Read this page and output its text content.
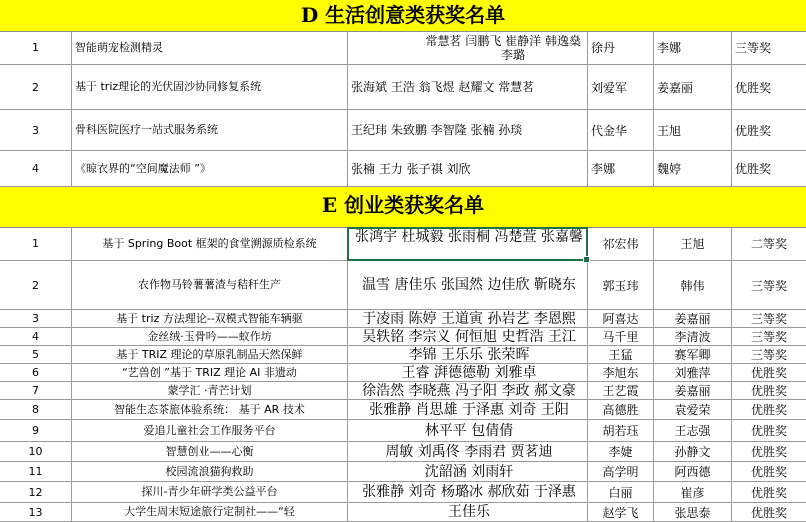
D 生活创意类获奖名单
1	智能萌宠检测精灵	常慧茗 闫鹏飞 崔静洋 韩逸燊
李璐	徐丹	李娜	三等奖
2	基于 triz理论的光伏固沙协同修复系统	张海斌 王浩 翁飞煜 赵耀文 常慧茗	刘爱军	姜嘉丽	优胜奖
3	骨科医院医疗一站式服务系统	王纪玮 朱致鹏 李智隆 张楠 孙琰	代金华	王旭	优胜奖
4	《晾衣界的“空间魔法师 ”》	张楠 王力 张子祺 刘欣	李娜	魏婷	优胜奖
E 创业类获奖名单
1	基于 Spring Boot 框架的食堂溯源质检系统	张鸿宇 杜城毅 张雨桐 冯楚萱 张嘉馨	祁宏伟	王旭	二等奖
2	农作物马铃薯薯渣与秸秆生产	温雪 唐佳乐 张国然 边佳欣 靳晓东	郭玉玮	韩伟	三等奖
3	基于 triz 方法理论--双模式智能车辆驱	于凌雨 陈婷 王道寅 孙岩艺 李恩熙	阿喜达	姜嘉丽	三等奖
4	金丝绒·玉骨吟——蚁作坊	吴轶铭 李宗义 何恒旭 史哲浩 王江	马千里	李清波	三等奖
5	基于 TRIZ 理论的草原乳制品天然保鲜	李锦 王乐乐 张荣晖	王猛	赛军卿	三等奖
6	“艺兽创 ”基于 TRIZ 理论 AI 非遗动	王睿 湃德德勒 刘雅卓	李旭东	刘雅萍	优胜奖
7	蒙学汇 ·青芒计划	徐浩然 李晓燕 冯子阳 李政 郝文豪	王艺霞	姜嘉丽	优胜奖
8	智能生态茶旅体验系统： 基于 AR 技术	张雅静 肖思雄 于泽惠 刘奇 王阳	高德胜	袁爱荣	优胜奖
9	爱追儿童社会工作服务平台	林平平 包倩倩	胡若珏	王志强	优胜奖
10	智慧创业——心衡	周敏 刘禹佟 李雨君 贾茗迪	李婕	孙静文	优胜奖
11	校园流浪猫狗救助	沈韶涵 刘雨轩	高学明	阿西德	优胜奖
12	探川-青少年研学类公益平台	张雅静 刘奇 杨璐冰 郝欣茹 于泽惠	白丽	崔彦	优胜奖
13	大学生周末短途旅行定制社——“轻	王佳乐	赵学飞	张思泰	优胜奖
